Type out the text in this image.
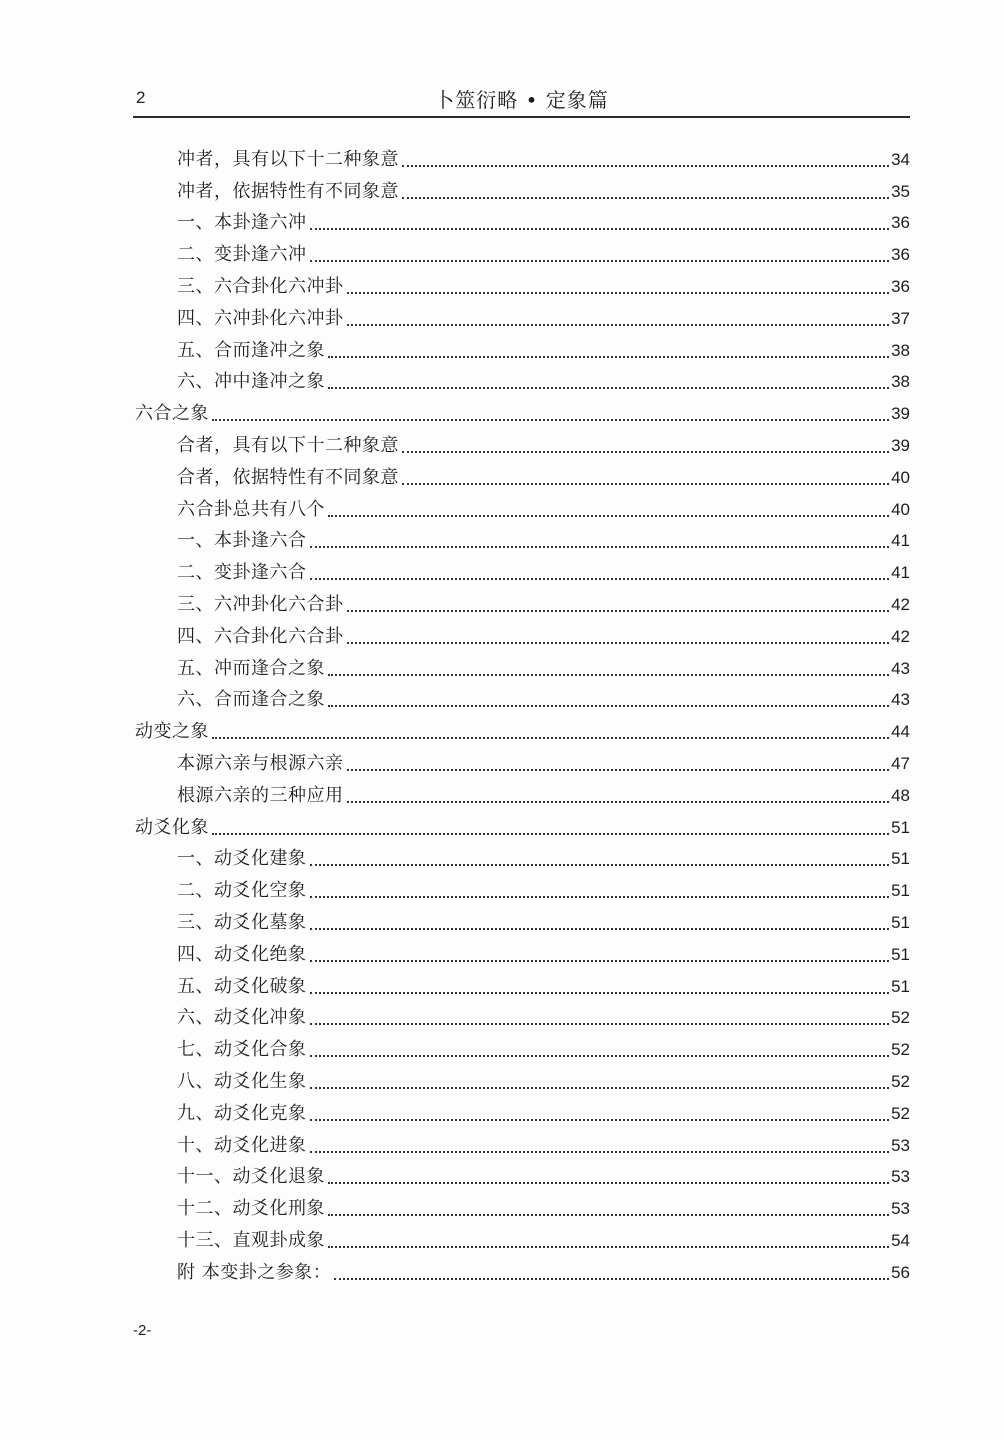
2	卜筮衍略 • 定象篇
冲者，具有以下十二种象意	34
冲者，依据特性有不同象意	35
一、本卦逢六冲	36
二、变卦逢六冲	36
三、六合卦化六冲卦	36
四、六冲卦化六冲卦	37
五、合而逢冲之象	38
六、冲中逢冲之象	38
六合之象	39
合者，具有以下十二种象意	39
合者，依据特性有不同象意	40
六合卦总共有八个	40
一、本卦逢六合	41
二、变卦逢六合	41
三、六冲卦化六合卦	42
四、六合卦化六合卦	42
五、冲而逢合之象	43
六、合而逢合之象	43
动变之象	44
本源六亲与根源六亲	47
根源六亲的三种应用	48
动爻化象	51
一、动爻化建象	51
二、动爻化空象	51
三、动爻化墓象	51
四、动爻化绝象	51
五、动爻化破象	51
六、动爻化冲象	52
七、动爻化合象	52
八、动爻化生象	52
九、动爻化克象	52
十、动爻化进象	53
十一、动爻化退象	53
十二、动爻化刑象	53
十三、直观卦成象	54
附 本变卦之参象：	56
-2-
